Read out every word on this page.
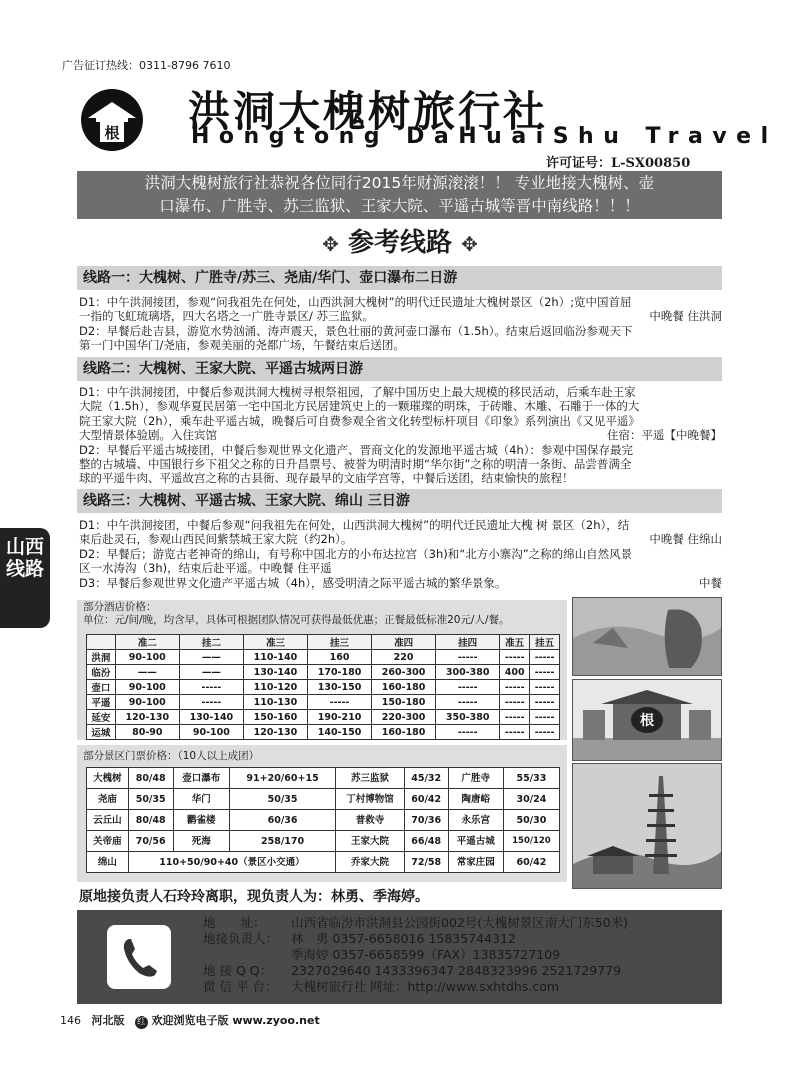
广告征订热线：0311-8796 7610
根 洪洞大槐树旅行社
Hongtong DaHuaiShu Travel
许可证号：L-SX00850
洪洞大槐树旅行社恭祝各位同行2015年财源滚滚！！ 专业地接大槐树、壶
口瀑布、广胜寺、苏三监狱、王家大院、平遥古城等晋中南线路！！！
✥ 参考线路 ✥
山西
线路
线路一：大槐树、广胜寺/苏三、尧庙/华门、壶口瀑布二日游

D1：中午洪洞接团，参观“问我祖先在何处，山西洪洞大槐树”的明代迁民遗址大槐树景区（2h）;览中国首屈

一指的飞虹琉璃塔，四大名塔之一广胜寺景区/ 苏三监狱。	中晚餐 住洪洞

D2：早餐后赴吉县，游览水势汹涌、涛声震天，景色壮丽的黄河壶口瀑布（1.5h）。结束后返回临汾参观天下

第一门中国华门/尧庙，参观美丽的尧都广场，午餐结束后送团。

线路二：大槐树、王家大院、平遥古城两日游

D1：中午洪洞接团，中餐后参观洪洞大槐树寻根祭祖园，了解中国历史上最大规模的移民活动，后乘车赴王家

大院（1.5h），参观华夏民居第一宅中国北方民居建筑史上的一颗璀璨的明珠，于砖雕、木雕、石雕于一体的大

院王家大院（2h），乘车赴平遥古城，晚餐后可自费参观全省文化转型标杆项目《印象》系列演出《又见平遥》

大型情景体验剧。入住宾馆	住宿：平遥【中晚餐】

D2：早餐后平遥古城接团，中餐后参观世界文化遗产、晋商文化的发源地平遥古城（4h）：参观中国保存最完

整的古城墙、中国银行乡下祖父之称的日升昌票号、被誉为明清时期“华尔街”之称的明清一条街、品尝普满全

球的平遥牛肉、平遥故宫之称的古县衙、现存最早的文庙学宫等，中餐后送团，结束愉快的旅程！

线路三：大槐树、平遥古城、王家大院、绵山 三日游

D1：中午洪洞接团，中餐后参观“问我祖先在何处，山西洪洞大槐树”的明代迁民遗址大槐 树 景区（2h），结

束后赴灵石，参观山西民间紫禁城王家大院（约2h）。	中晚餐 住绵山

D2：早餐后；游览古老神奇的绵山，有号称中国北方的小布达拉宫（3h)和“北方小寨沟”之称的绵山自然风景

区一水涛沟（3h)，结束后赴平遥。中晚餐 住平遥

D3：早餐后参观世界文化遗产平遥古城（4h），感受明清之际平遥古城的繁华景象。	中餐

部分酒店价格：
单位：元/间/晚，均含早，具体可根据团队情况可获得最低优惠；正餐最低标准20元/人/餐。
	准二	挂二	准三	挂三	准四	挂四	准五	挂五
洪洞	90-100	——	110-140	160	220	-----	-----	-----
临汾	——	——	130-140	170-180	260-300	300-380	400	-----
壶口	90-100	-----	110-120	130-150	160-180	-----	-----	-----
平遥	90-100	-----	110-130	-----	150-180	-----	-----	-----
延安	120-130	130-140	150-160	190-210	220-300	350-380	-----	-----
运城	80-90	90-100	120-130	140-150	160-180	-----	-----	-----
部分景区门票价格：（10人以上成团）
大槐树	80/48	壶口瀑布	91+20/60+15	苏三监狱	45/32	广胜寺	55/33
尧庙	50/35	华门	50/35	丁村博物馆	60/42	陶唐峪	30/24
云丘山	80/48	鹳雀楼	60/36	普救寺	70/36	永乐宫	50/30
关帝庙	70/56	死海	258/170	王家大院	66/48	平遥古城	150/120
绵山	110+50/90+40（景区小交通）			乔家大院	72/58	常家庄园	60/42
根
原地接负责人石玲玲离职，现负责人为：林勇、季海婷。
地　　址： 山西省临汾市洪洞县公园街002号(大槐树景区南大门东50米)
地接负责人： 林　勇 0357-6658016 15835744312
季海婷 0357-6658599（FAX）13835727109
地 接 Q Q： 2327029640 1433396347 2848323996 2521729779
微 信 平 台： 大槐树旅行社 网址：http://www.sxhtdhs.com
146 河北版 红 欢迎浏览电子版 www.zyoo.net
